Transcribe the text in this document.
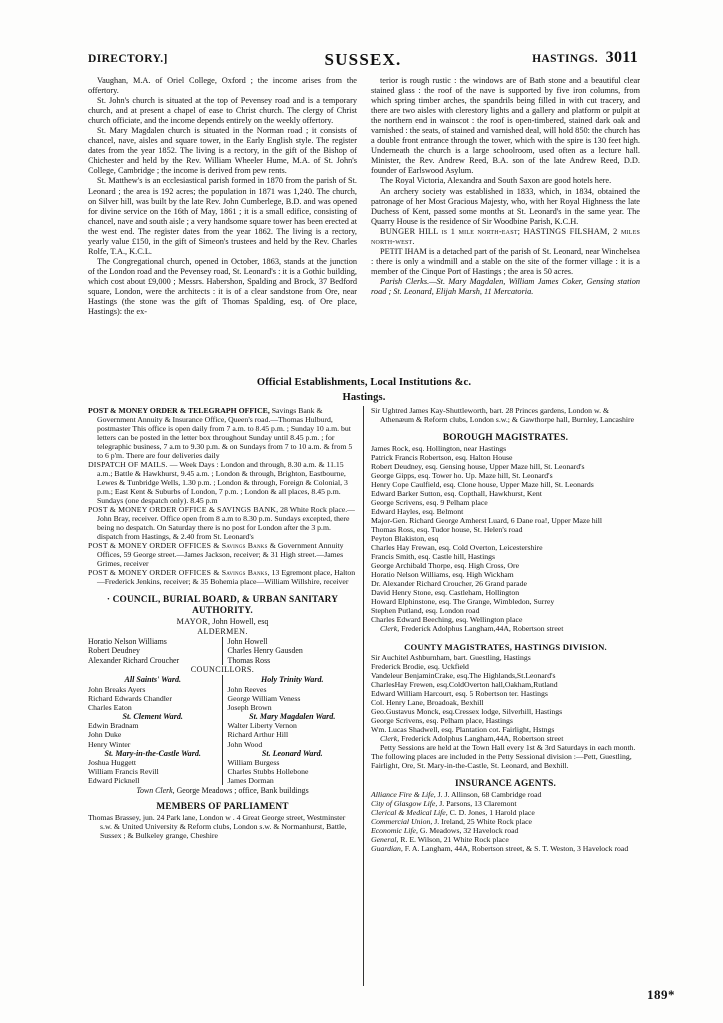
DIRECTORY.]	SUSSEX.	HASTINGS. 3011

Vaughan, M.A. of Oriel College, Oxford ; the income arises from the offertory.

St. John's church is situated at the top of Pevensey road and is a temporary church, and at present a chapel of ease to Christ church. The clergy of Christ church officiate, and the income depends entirely on the weekly offertory.

St. Mary Magdalen church is situated in the Norman road ; it consists of chancel, nave, aisles and square tower, in the Early English style. The register dates from the year 1852. The living is a rectory, in the gift of the Bishop of Chichester and held by the Rev. William Wheeler Hume, M.A. of St. John's College, Cambridge ; the income is derived from pew rents.

St. Matthew's is an ecclesiastical parish formed in 1870 from the parish of St. Leonard ; the area is 192 acres; the population in 1871 was 1,240. The church, on Silver hill, was built by the late Rev. John Cumberlege, B.D. and was opened for divine service on the 16th of May, 1861 ; it is a small edifice, consisting of chancel, nave and south aisle ; a very handsome square tower has been erected at the west end. The register dates from the year 1862. The living is a rectory, yearly value £150, in the gift of Simeon's trustees and held by the Rev. Charles Rolfe, T.A., K.C.L.

The Congregational church, opened in October, 1863, stands at the junction of the London road and the Pevensey road, St. Leonard's : it is a Gothic building, which cost about £9,000 ; Messrs. Habershon, Spalding and Brock, 37 Bedford square, London, were the architects : it is of a clear sandstone from Ore, near Hastings (the stone was the gift of Thomas Spalding, esq. of Ore place, Hastings): the ex-

terior is rough rustic : the windows are of Bath stone and a beautiful clear stained glass : the roof of the nave is supported by five iron columns, from which spring timber arches, the spandrils being filled in with cut tracery, and there are two aisles with clerestory lights and a gallery and platform or pulpit at the northern end in wainscot : the roof is open-timbered, stained dark oak and varnished : the seats, of stained and varnished deal, will hold 850: the church has a double front entrance through the tower, which with the spire is 130 feet high. Underneath the church is a large schoolroom, used often as a lecture hall. Minister, the Rev. Andrew Reed, B.A. son of the late Andrew Reed, D.D. founder of Earlswood Asylum.

The Royal Victoria, Alexandra and South Saxon are good hotels here.

An archery society was established in 1833, which, in 1834, obtained the patronage of her Most Gracious Majesty, who, with her Royal Highness the late Duchess of Kent, passed some months at St. Leonard's in the same year. The Quarry House is the residence of Sir Woodbine Parish, K.C.H.

BUNGER HILL is 1 mile north-east; HASTINGS FILSHAM, 2 miles north-west.

PETIT IHAM is a detached part of the parish of St. Leonard, near Winchelsea : there is only a windmill and a stable on the site of the former village : it is a member of the Cinque Port of Hastings ; the area is 50 acres.

Parish Clerks.—St. Mary Magdalen, William James Coker, Gensing station road ; St. Leonard, Elijah Marsh, 11 Mercatoria.

Official Establishments, Local Institutions &c.
Hastings.

POST & MONEY ORDER & TELEGRAPH OFFICE, Savings Bank & Government Annuity & Insurance Office, Queen's road.—Thomas Hulburd, postmaster This office is open daily from 7 a.m. to 8.45 p.m. ; Sunday 10 a.m. but letters can be posted in the letter box throughout Sunday until 8.45 p.m. ; for telegraphic business, 7 a.m to 9.30 p.m. & on Sundays from 7 to 10 a.m. & from 5 to 6 p'm. There are four deliveries daily

DISPATCH OF MAILS. — Week Days : London and through, 8.30 a.m. & 11.15 a.m.; Battle & Hawkhurst, 9.45 a.m. ; London & through, Brighton, Eastbourne, Lewes & Tunbridge Wells, 1.30 p.m. ; London & through, Foreign & Colonial, 3 p.m.; East Kent & Suburbs of London, 7 p.m. ; London & all places, 8.45 p.m. Sundays (one despatch only). 8.45 p.m

POST & MONEY ORDER OFFICE & SAVINGS BANK, 28 White Rock place.—John Bray, receiver. Office open from 8 a.m to 8.30 p.m. Sundays excepted, there being no despatch. On Saturday there is no post for London after the 3 p.m. dispatch from Hastings, & 2.40 from St. Leonard's

POST & MONEY ORDER OFFICES & Savings Banks & Government Annuity Offices, 59 George street.—James Jackson, receiver; & 31 High street.—James Grimes, receiver

POST & MONEY ORDER OFFICES & Savings Banks, 13 Egremont place, Halton—Frederick Jenkins, receiver; & 35 Bohemia place—William Willshire, receiver

· COUNCIL, BURIAL BOARD, & URBAN SANITARY
AUTHORITY.
MAYOR, John Howell, esq
ALDERMEN.

Horatio Nelson Williams

Robert Deudney

Alexander Richard Croucher

John Howell

Charles Henry Gausden

Thomas Ross

COUNCILLORS.
All Saints' Ward.

John Breaks Ayers

Richard Edwards Chandler

Charles Eaton

St. Clement Ward.

Edwin Bradnam

John Duke

Henry Winter

St. Mary-in-the-Castle Ward.

Joshua Huggett

William Francis Revill

Edward Picknell

Holy Trinity Ward.

John Reeves

George William Veness

Joseph Brown

St. Mary Magdalen Ward.

Walter Liberty Vernon

Richard Arthur Hill

John Wood

St. Leonard Ward.

William Burgess

Charles Stubbs Hollebone

James Dorman

Town Clerk, George Meadows ; office, Bank buildings
MEMBERS OF PARLIAMENT

Thomas Brassey, jun. 24 Park lane, London w . 4 Great George street, Westminster s.w. & United University & Reform clubs, London s.w. & Normanhurst, Battle, Sussex ; & Bulkeley grange, Cheshire

Sir Ughtred James Kay-Shuttleworth, bart. 28 Princes gardens, London w. & Athenæum & Reform clubs, London s.w.; & Gawthorpe hall, Burnley, Lancashire

BOROUGH MAGISTRATES.

James Rock, esq. Hollington, near Hastings

Patrick Francis Robertson, esq. Halton House

Robert Deudney, esq. Gensing house, Upper Maze hill, St. Leonard's

George Gipps, esq. Tower ho. Up. Maze hill, St. Leonard's

Henry Cope Caulfield, esq. Clone house, Upper Maze hill, St. Leonards

Edward Barker Sutton, esq. Copthall, Hawkhurst, Kent

George Scrivens, esq. 9 Pelham place

Edward Hayles, esq. Belmont

Major-Gen. Richard George Amherst Luard, 6 Dane roa!, Upper Maze hill

Thomas Ross, esq. Tudor house, St. Helen's road

Peyton Blakiston, esq

Charles Hay Frewan, esq. Cold Overton, Leicestershire

Francis Smith, esq. Castle hill, Hastings

George Archibald Thorpe, esq. High Cross, Ore

Horatio Nelson Williams, esq. High Wickham

Dr. Alexander Richard Croucher, 26 Grand parade

David Henry Stone, esq. Castleham, Hollington

Howard Elphinstone, esq. The Grange, Wimbledon, Surrey

Stephen Putland, esq. London road

Charles Edward Beeching, esq. Wellington place

Clerk, Frederick Adolphus Langham,44A, Robertson street

COUNTY MAGISTRATES, HASTINGS DIVISION.

Sir Auchitel Ashburnham, bart. Guestling, Hastings

Frederick Brodie, esq. Uckfield

Vandeleur BenjaminCrake, esq.The Highlands,St.Leonard's

CharlesHay Frewen, esq.ColdOverton hall,Oakham,Rutland

Edward William Harcourt, esq. 5 Robertson ter. Hastings

Col. Henry Lane, Broadoak, Bexhill

Geo.Gustavus Monck, esq.Cressex lodge, Silverhill, Hastings

George Scrivens, esq. Pelham place, Hastings

Wm. Lucas Shadwell, esq. Plantation cot. Fairlight, Hstngs

Clerk, Frederick Adolphus Langham,44A, Robertson street

Petty Sessions are held at the Town Hall every 1st & 3rd Saturdays in each month. The following places are included in the Petty Sessional division :—Pett, Guestling, Fairlight, Ore, St. Mary-in-the-Castle, St. Leonard, and Bexhill.

INSURANCE AGENTS.

Alliance Fire & Life, J. J. Allinson, 68 Cambridge road

City of Glasgow Life, J. Parsons, 13 Claremont

Clerical & Medical Life, C. D. Jones, 1 Harold place

Commercial Union, J. Ireland, 25 White Rock place

Economic Life, G. Meadows, 32 Havelock road

General, R. E. Wilson, 21 White Rock place

Guardian, F. A. Langham, 44A, Robertson street, & S. T. Weston, 3 Havelock road

189*
